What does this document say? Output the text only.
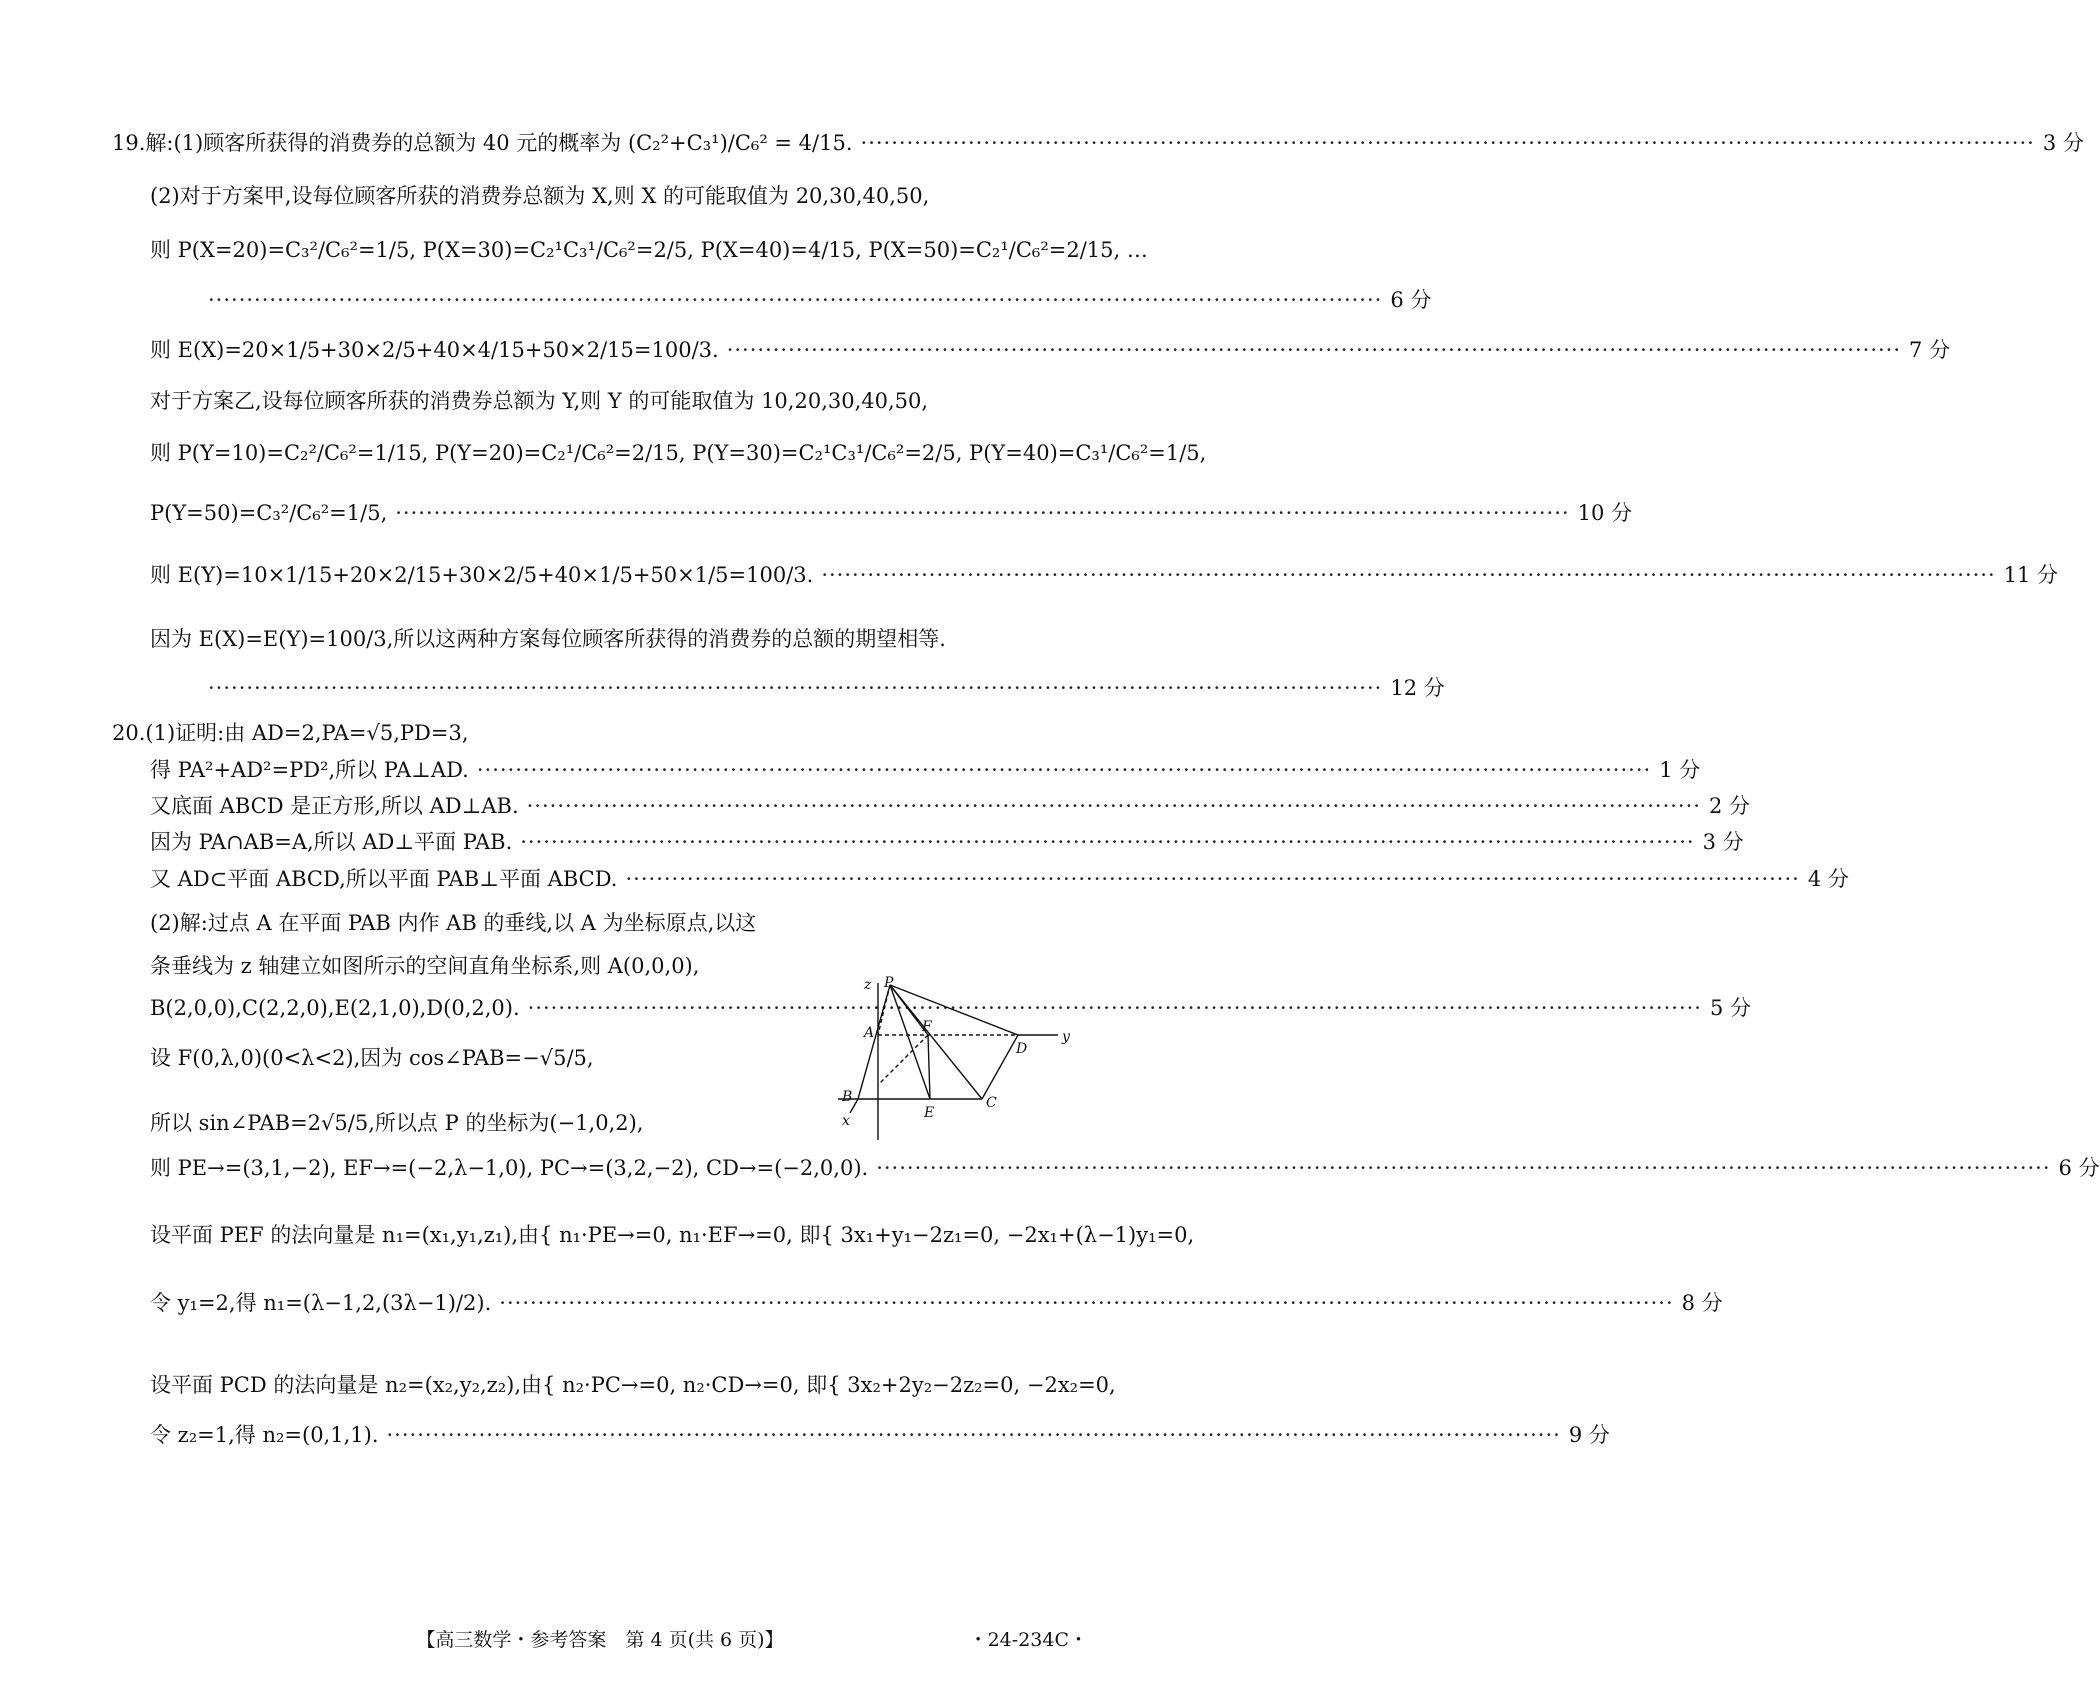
19.解:(1)顾客所获得的消费券的总额为 40 元的概率为 (C₂²+C₃¹)/C₆² = 4/15. ·····	3 分
(2)对于方案甲,设每位顾客所获的消费券总额为 X,则 X 的可能取值为 20,30,40,50,
则 P(X=20)=C₃²/C₆²=1/5, P(X=30)=C₂¹C₃¹/C₆²=2/5, P(X=40)=4/15, P(X=50)=C₂¹/C₆²=2/15, …
·····
6 分
则 E(X)=20×1/5+30×2/5+40×4/15+50×2/15=100/3. ·····	7 分
对于方案乙,设每位顾客所获的消费券总额为 Y,则 Y 的可能取值为 10,20,30,40,50,
则 P(Y=10)=C₂²/C₆²=1/15, P(Y=20)=C₂¹/C₆²=2/15, P(Y=30)=C₂¹C₃¹/C₆²=2/5, P(Y=40)=C₃¹/C₆²=1/5,
P(Y=50)=C₃²/C₆²=1/5, ·····	10 分
则 E(Y)=10×1/15+20×2/15+30×2/5+40×1/5+50×1/5=100/3. ·····	11 分
因为 E(X)=E(Y)=100/3,所以这两种方案每位顾客所获得的消费券的总额的期望相等.
·····
12 分
20.(1)证明:由 AD=2,PA=√5,PD=3,
得 PA²+AD²=PD²,所以 PA⊥AD. ·····	1 分
又底面 ABCD 是正方形,所以 AD⊥AB. ·····	2 分
因为 PA∩AB=A,所以 AD⊥平面 PAB. ·····	3 分
又 AD⊂平面 ABCD,所以平面 PAB⊥平面 ABCD. ·····	4 分
(2)解:过点 A 在平面 PAB 内作 AB 的垂线,以 A 为坐标原点,以这
条垂线为 z 轴建立如图所示的空间直角坐标系,则 A(0,0,0),
B(2,0,0),C(2,2,0),E(2,1,0),D(0,2,0). ·····	5 分
设 F(0,λ,0)(0<λ<2),因为 cos∠PAB=−√5/5,
z P
A	F
D
y
B
E
C
x
所以 sin∠PAB=2√5/5,所以点 P 的坐标为(−1,0,2),
则 PE→=(3,1,−2), EF→=(−2,λ−1,0), PC→=(3,2,−2), CD→=(−2,0,0). ·····	6 分
设平面 PEF 的法向量是 n₁=(x₁,y₁,z₁),由{ n₁·PE→=0, n₁·EF→=0, 即{ 3x₁+y₁−2z₁=0, −2x₁+(λ−1)y₁=0,
令 y₁=2,得 n₁=(λ−1,2,(3λ−1)/2). ·····	8 分
设平面 PCD 的法向量是 n₂=(x₂,y₂,z₂),由{ n₂·PC→=0, n₂·CD→=0, 即{ 3x₂+2y₂−2z₂=0, −2x₂=0,
令 z₂=1,得 n₂=(0,1,1). ·····	9 分
【高三数学・参考答案　第 4 页(共 6 页)】	・24-234C・
